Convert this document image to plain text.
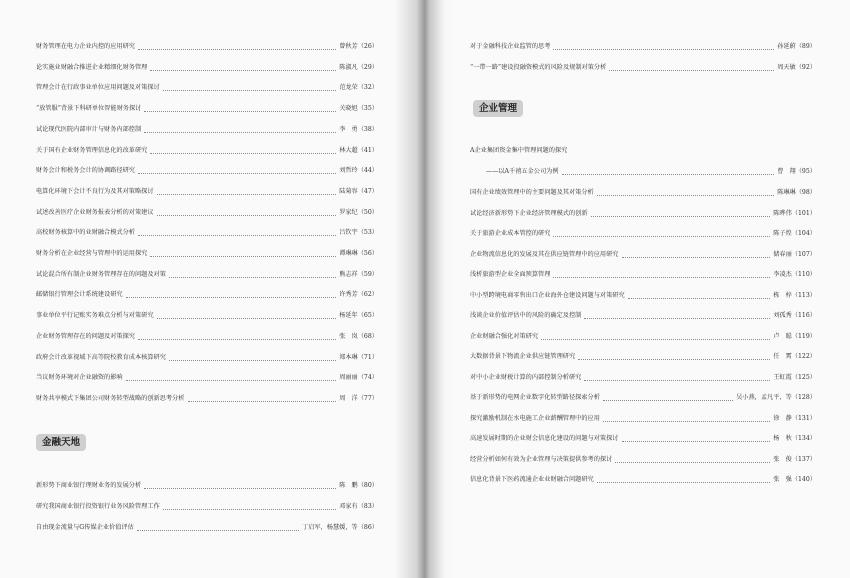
财务管理在电力企业内控的应用研究	曾秋芳（26）
论实施业财融合推进企业精细化财务管理	陈淑凡（29）
管理会计在行政事业单位应用问题及对策探讨	范龙荣（32）
“放管服”背景下科研单位智能财务探讨	关晓旭（35）
试论现代医院内部审计与财务内部控制	李　勇（38）
关于国有企业财务管理信息化的改革研究	林大超（41）
财务会计和税务会计的协调路径研究	刘哲玲（44）
电算化环境下会计不良行为及其对策略探讨	陆菊容（47）
试述改善医疗企业财务报表分析的对策建议	罗家纪（50）
高校财务核算中的业财融合模式分析	吕钦宇（53）
财务分析在企业经营与管理中的运用探究	谭琳琳（56）
试论混合所有制企业财务管理存在的问题及对策	熊志祥（59）
邮储银行管理会计系统建设研究	许秀芳（62）
事业单位平行记账实务难点分析与对策研究	杨延年（65）
企业财务管理存在的问题及对策探究	张　岚（68）
政府会计改革视域下高等院校教育成本核算研究	郑本琳（71）
当议财务环境对企业融资的影响	周丽丽（74）
财务共享模式下集团公司财务转型战略的创新思考分析	周　洋（77）
金融天地
新形势下商业银行理财业务的发展分析	陈　鹏（80）
研究我国商业银行投资银行业务风险管理工作	邓家有（83）
自由现金流量与G传媒企业价值评估	丁启军，杨慧媛，等（86）
对于金融科技企业监管的思考	孙延蔚（89）
“一带一路”建设投融资模式的风险及规制对策分析	周天敏（92）
企业管理
A企业集团资金集中管理问题的探究
——以A千禧五金公司为例	曹　翔（95）
国有企业绩效管理中的主要问题及其对策分析	陈琳琳（98）
试论经济新形势下企业经济管理模式的创新	陈晔伟（101）
关于旅游企业成本管控的研究	陈子煌（104）
企业物流信息化的发展及其在供应链管理中的应用研究	储春丽（107）
浅析旅游型企业全面预算管理	李凌杰（110）
中小型跨境电商零售出口企业海外仓建设问题与对策研究	栋　梓（113）
浅谈企业价值评估中的风险的确定及控制	刘孤秀（116）
企业财融合强化对策研究	卢　聪（119）
大数据背景下物流企业供应链管理研究	任　霄（122）
对中小企业财税计算的内部控制分析研究	王虹霞（125）
基于新形势的电网企业数字化转型路径探索分析	吴小燕，孟凡平，等（128）
探究激励机制在水电施工企业薪酬管理中的应用	徐　静（131）
高速发展时期的企业财会信息化建设的问题与对策探讨	杨　秋（134）
经营分析如何有效为企业管理与决策提供参考的探讨	张　俊（137）
信息化背景下医药流通企业业财融合问题研究	张　强（140）
